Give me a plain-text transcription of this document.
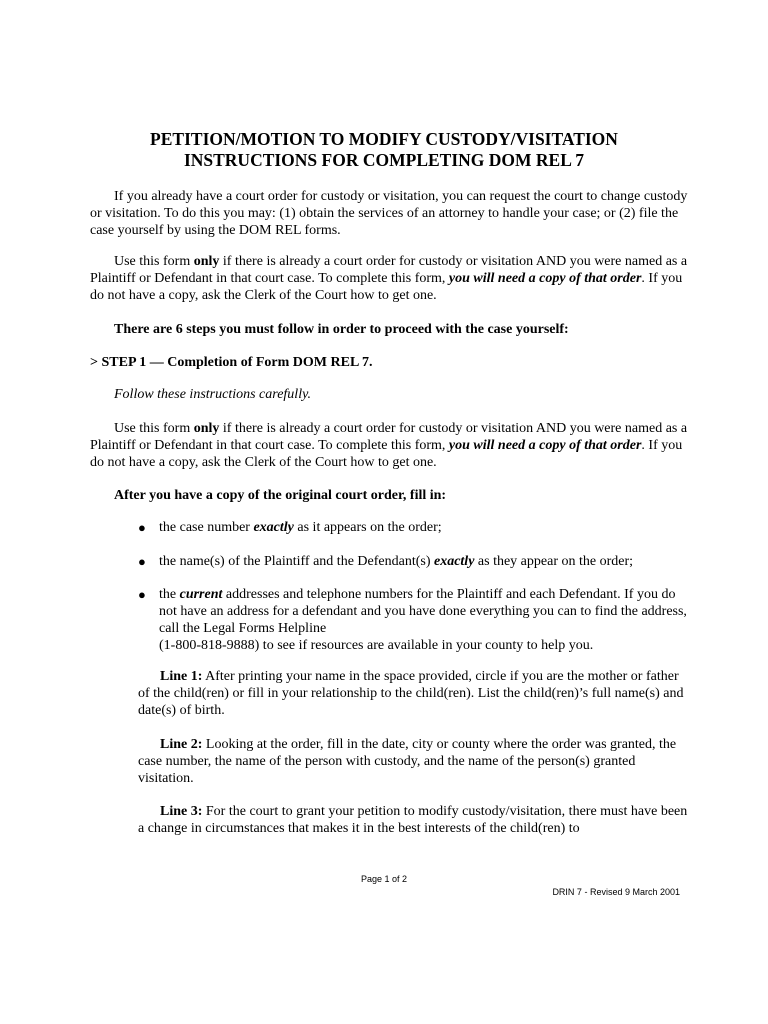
PETITION/MOTION TO MODIFY CUSTODY/VISITATION
INSTRUCTIONS FOR COMPLETING DOM REL 7
If you already have a court order for custody or visitation, you can request the court to change custody or visitation. To do this you may: (1) obtain the services of an attorney to handle your case; or (2) file the case yourself by using the DOM REL forms.
Use this form only if there is already a court order for custody or visitation AND you were named as a Plaintiff or Defendant in that court case. To complete this form, you will need a copy of that order. If you do not have a copy, ask the Clerk of the Court how to get one.
There are 6 steps you must follow in order to proceed with the case yourself:
> STEP 1 — Completion of Form DOM REL 7.
Follow these instructions carefully.
Use this form only if there is already a court order for custody or visitation AND you were named as a Plaintiff or Defendant in that court case. To complete this form, you will need a copy of that order. If you do not have a copy, ask the Clerk of the Court how to get one.
After you have a copy of the original court order, fill in:
● the case number exactly as it appears on the order;
● the name(s) of the Plaintiff and the Defendant(s) exactly as they appear on the order;
● the current addresses and telephone numbers for the Plaintiff and each Defendant. If you do not have an address for a defendant and you have done everything you can to find the address, call the Legal Forms Helpline
(1-800-818-9888) to see if resources are available in your county to help you.
Line 1: After printing your name in the space provided, circle if you are the mother or father of the child(ren) or fill in your relationship to the child(ren). List the child(ren)’s full name(s) and date(s) of birth.
Line 2: Looking at the order, fill in the date, city or county where the order was granted, the case number, the name of the person with custody, and the name of the person(s) granted visitation.
Line 3: For the court to grant your petition to modify custody/visitation, there must have been a change in circumstances that makes it in the best interests of the child(ren) to
Page 1 of 2
DRIN 7 - Revised 9 March 2001
